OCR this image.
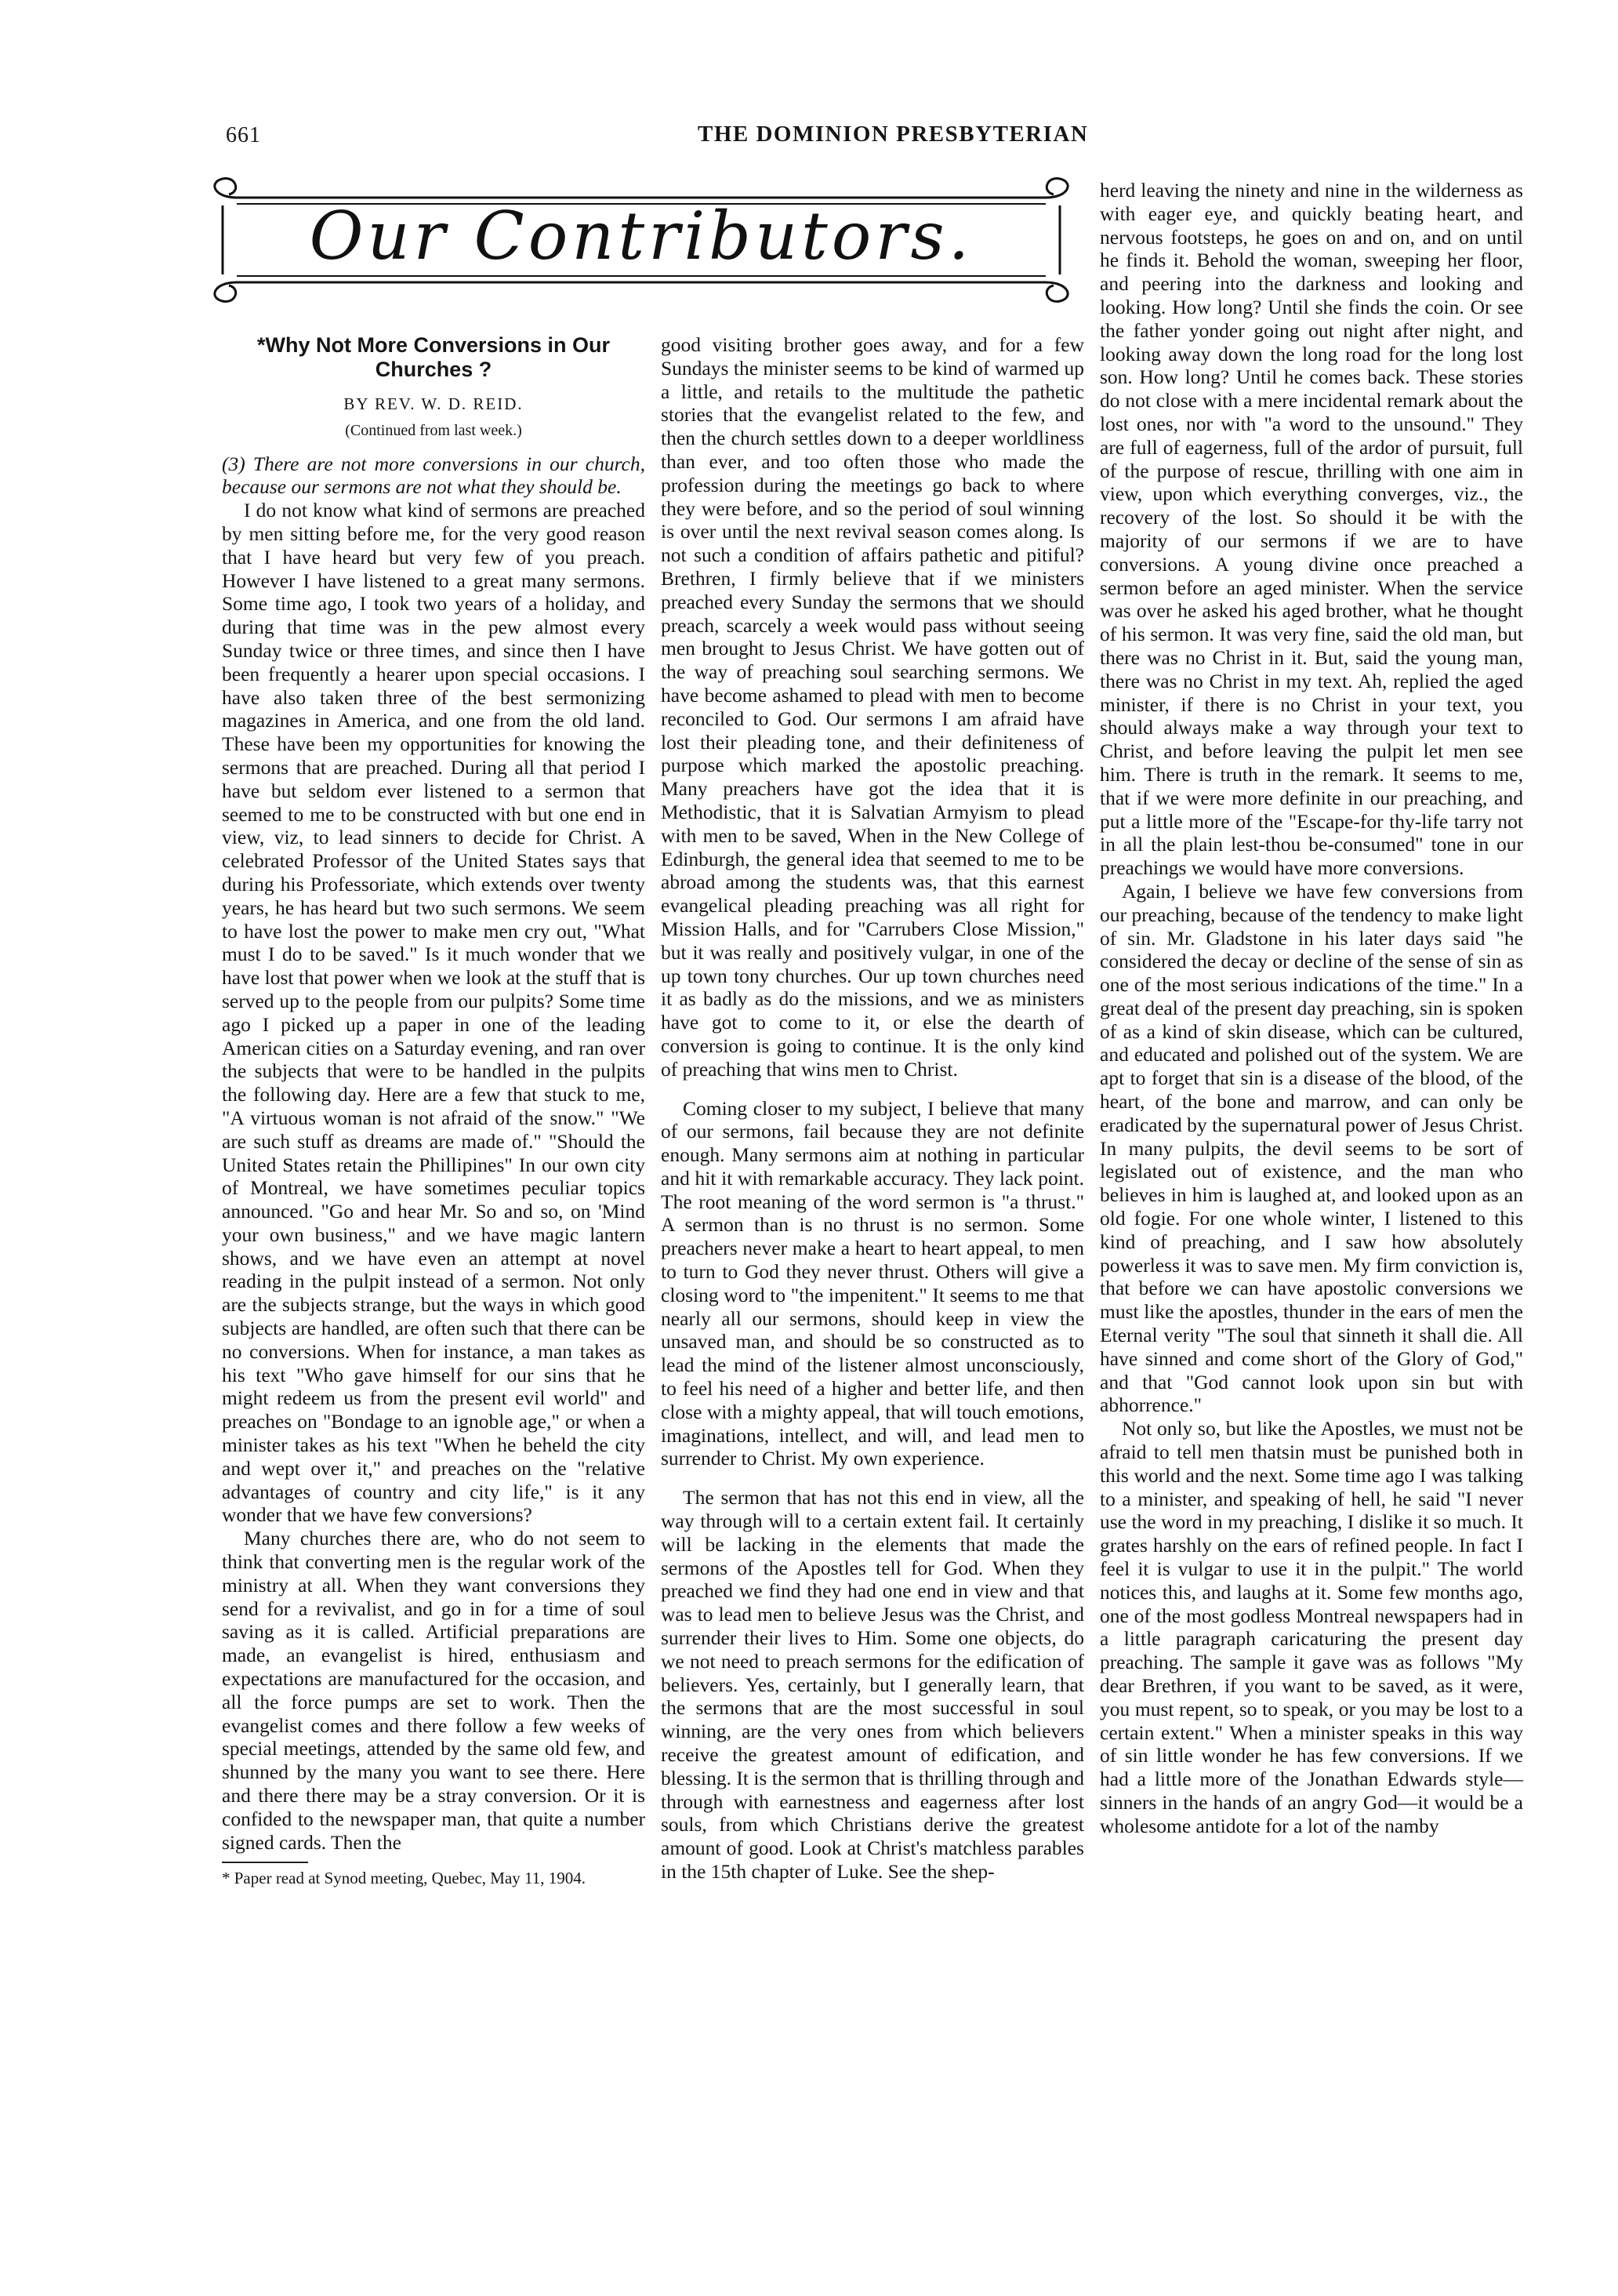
661	THE DOMINION PRESBYTERIAN
Our Contributors.
*Why Not More Conversions in Our Churches ?
BY REV. W. D. REID.
(Continued from last week.)

(3) There are not more conversions in our church, because our sermons are not what they should be.

I do not know what kind of sermons are preached by men sitting before me, for the very good reason that I have heard but very few of you preach. However I have listened to a great many sermons. Some time ago, I took two years of a holiday, and during that time was in the pew almost every Sunday twice or three times, and since then I have been frequently a hearer upon special occasions. I have also taken three of the best sermonizing magazines in America, and one from the old land. These have been my opportunities for knowing the sermons that are preached. During all that period I have but seldom ever listened to a sermon that seemed to me to be constructed with but one end in view, viz, to lead sinners to decide for Christ. A celebrated Professor of the United States says that during his Professoriate, which extends over twenty years, he has heard but two such sermons. We seem to have lost the power to make men cry out, "What must I do to be saved." Is it much wonder that we have lost that power when we look at the stuff that is served up to the people from our pulpits? Some time ago I picked up a paper in one of the leading American cities on a Saturday evening, and ran over the subjects that were to be handled in the pulpits the following day. Here are a few that stuck to me, "A virtuous woman is not afraid of the snow." "We are such stuff as dreams are made of." "Should the United States retain the Phillipines" In our own city of Montreal, we have sometimes peculiar topics announced. "Go and hear Mr. So and so, on 'Mind your own business," and we have magic lantern shows, and we have even an attempt at novel reading in the pulpit instead of a sermon. Not only are the subjects strange, but the ways in which good subjects are handled, are often such that there can be no conversions. When for instance, a man takes as his text "Who gave himself for our sins that he might redeem us from the present evil world" and preaches on "Bondage to an ignoble age," or when a minister takes as his text "When he beheld the city and wept over it," and preaches on the "relative advantages of country and city life," is it any wonder that we have few conversions?

Many churches there are, who do not seem to think that converting men is the regular work of the ministry at all. When they want conversions they send for a revivalist, and go in for a time of soul saving as it is called. Artificial preparations are made, an evangelist is hired, enthusiasm and expectations are manufactured for the occasion, and all the force pumps are set to work. Then the evangelist comes and there follow a few weeks of special meetings, attended by the same old few, and shunned by the many you want to see there. Here and there there may be a stray conversion. Or it is confided to the newspaper man, that quite a number signed cards. Then the

* Paper read at Synod meeting, Quebec, May 11, 1904.

good visiting brother goes away, and for a few Sundays the minister seems to be kind of warmed up a little, and retails to the multitude the pathetic stories that the evangelist related to the few, and then the church settles down to a deeper worldliness than ever, and too often those who made the profession during the meetings go back to where they were before, and so the period of soul winning is over until the next revival season comes along. Is not such a condition of affairs pathetic and pitiful? Brethren, I firmly believe that if we ministers preached every Sunday the sermons that we should preach, scarcely a week would pass without seeing men brought to Jesus Christ. We have gotten out of the way of preaching soul searching sermons. We have become ashamed to plead with men to become reconciled to God. Our sermons I am afraid have lost their pleading tone, and their definiteness of purpose which marked the apostolic preaching. Many preachers have got the idea that it is Methodistic, that it is Salvatian Armyism to plead with men to be saved, When in the New College of Edinburgh, the general idea that seemed to me to be abroad among the students was, that this earnest evangelical pleading preaching was all right for Mission Halls, and for "Carrubers Close Mission," but it was really and positively vulgar, in one of the up town tony churches. Our up town churches need it as badly as do the missions, and we as ministers have got to come to it, or else the dearth of conversion is going to continue. It is the only kind of preaching that wins men to Christ.

Coming closer to my subject, I believe that many of our sermons, fail because they are not definite enough. Many sermons aim at nothing in particular and hit it with remarkable accuracy. They lack point. The root meaning of the word sermon is "a thrust." A sermon than is no thrust is no sermon. Some preachers never make a heart to heart appeal, to men to turn to God they never thrust. Others will give a closing word to "the impenitent." It seems to me that nearly all our sermons, should keep in view the unsaved man, and should be so constructed as to lead the mind of the listener almost unconsciously, to feel his need of a higher and better life, and then close with a mighty appeal, that will touch emotions, imaginations, intellect, and will, and lead men to surrender to Christ. My own experience.

The sermon that has not this end in view, all the way through will to a certain extent fail. It certainly will be lacking in the elements that made the sermons of the Apostles tell for God. When they preached we find they had one end in view and that was to lead men to believe Jesus was the Christ, and surrender their lives to Him. Some one objects, do we not need to preach sermons for the edification of believers. Yes, certainly, but I generally learn, that the sermons that are the most successful in soul winning, are the very ones from which believers receive the greatest amount of edification, and blessing. It is the sermon that is thrilling through and through with earnestness and eagerness after lost souls, from which Christians derive the greatest amount of good. Look at Christ's matchless parables in the 15th chapter of Luke. See the shep-

herd leaving the ninety and nine in the wilderness as with eager eye, and quickly beating heart, and nervous footsteps, he goes on and on, and on until he finds it. Behold the woman, sweeping her floor, and peering into the darkness and looking and looking. How long? Until she finds the coin. Or see the father yonder going out night after night, and looking away down the long road for the long lost son. How long? Until he comes back. These stories do not close with a mere incidental remark about the lost ones, nor with "a word to the unsound." They are full of eagerness, full of the ardor of pursuit, full of the purpose of rescue, thrilling with one aim in view, upon which everything converges, viz., the recovery of the lost. So should it be with the majority of our sermons if we are to have conversions. A young divine once preached a sermon before an aged minister. When the service was over he asked his aged brother, what he thought of his sermon. It was very fine, said the old man, but there was no Christ in it. But, said the young man, there was no Christ in my text. Ah, replied the aged minister, if there is no Christ in your text, you should always make a way through your text to Christ, and before leaving the pulpit let men see him. There is truth in the remark. It seems to me, that if we were more definite in our preaching, and put a little more of the "Escape-for thy-life tarry not in all the plain lest-thou be-consumed" tone in our preachings we would have more conversions.

Again, I believe we have few conversions from our preaching, because of the tendency to make light of sin. Mr. Gladstone in his later days said "he considered the decay or decline of the sense of sin as one of the most serious indications of the time." In a great deal of the present day preaching, sin is spoken of as a kind of skin disease, which can be cultured, and educated and polished out of the system. We are apt to forget that sin is a disease of the blood, of the heart, of the bone and marrow, and can only be eradicated by the supernatural power of Jesus Christ. In many pulpits, the devil seems to be sort of legislated out of existence, and the man who believes in him is laughed at, and looked upon as an old fogie. For one whole winter, I listened to this kind of preaching, and I saw how absolutely powerless it was to save men. My firm conviction is, that before we can have apostolic conversions we must like the apostles, thunder in the ears of men the Eternal verity "The soul that sinneth it shall die. All have sinned and come short of the Glory of God," and that "God cannot look upon sin but with abhorrence."

Not only so, but like the Apostles, we must not be afraid to tell men thatsin must be punished both in this world and the next. Some time ago I was talking to a minister, and speaking of hell, he said "I never use the word in my preaching, I dislike it so much. It grates harshly on the ears of refined people. In fact I feel it is vulgar to use it in the pulpit." The world notices this, and laughs at it. Some few months ago, one of the most godless Montreal newspapers had in a little paragraph caricaturing the present day preaching. The sample it gave was as follows "My dear Brethren, if you want to be saved, as it were, you must repent, so to speak, or you may be lost to a certain extent." When a minister speaks in this way of sin little wonder he has few conversions. If we had a little more of the Jonathan Edwards style—sinners in the hands of an angry God—it would be a wholesome antidote for a lot of the namby
